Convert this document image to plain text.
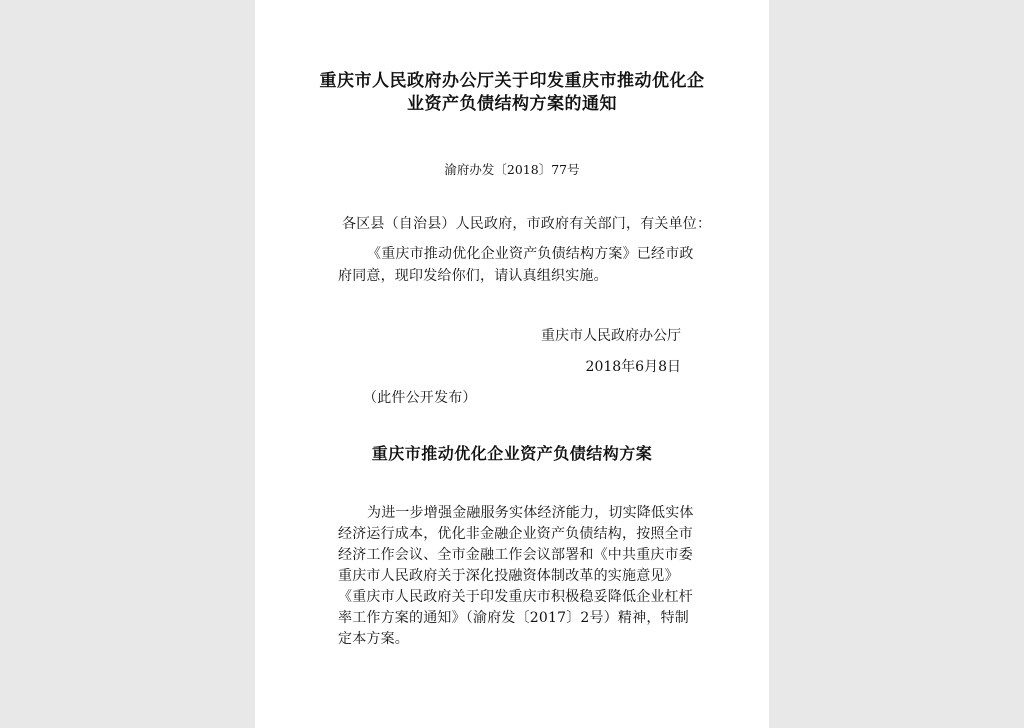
重庆市人民政府办公厅关于印发重庆市推动优化企
业资产负债结构方案的通知
渝府办发〔2018〕77号
各区县（自治县）人民政府，市政府有关部门，有关单位：
《重庆市推动优化企业资产负债结构方案》已经市政
府同意，现印发给你们，请认真组织实施。
重庆市人民政府办公厅
2018年6月8日
（此件公开发布）
重庆市推动优化企业资产负债结构方案
为进一步增强金融服务实体经济能力，切实降低实体
经济运行成本，优化非金融企业资产负债结构，按照全市
经济工作会议、全市金融工作会议部署和《中共重庆市委
重庆市人民政府关于深化投融资体制改革的实施意见》
《重庆市人民政府关于印发重庆市积极稳妥降低企业杠杆
率工作方案的通知》（渝府发〔2017〕2号）精神，特制
定本方案。
